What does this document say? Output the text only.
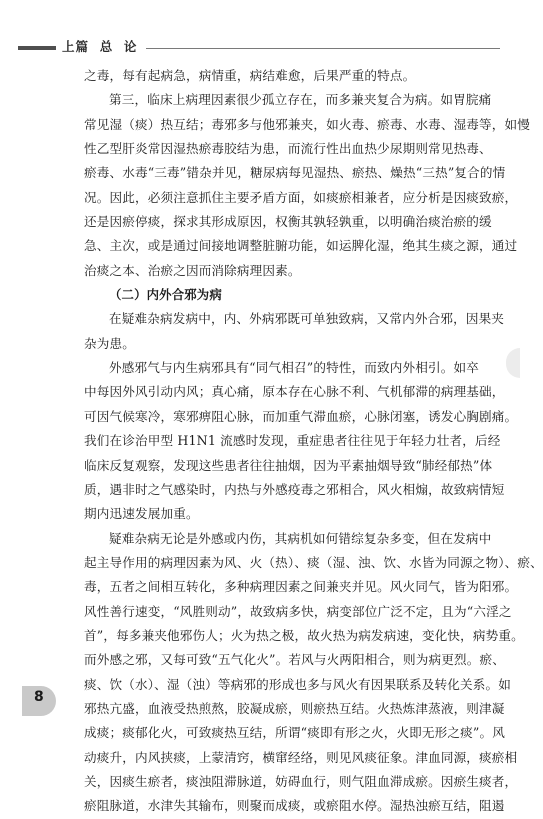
上篇  总  论
之毒，每有起病急，病情重，病结难愈，后果严重的特点。
第三，临床上病理因素很少孤立存在，而多兼夹复合为病。如胃脘痛
常见湿（痰）热互结；毒邪多与他邪兼夹，如火毒、瘀毒、水毒、湿毒等，如慢
性乙型肝炎常因湿热瘀毒胶结为患，而流行性出血热少尿期则常见热毒、
瘀毒、水毒“三毒”错杂并见，糖尿病每见湿热、瘀热、燥热“三热”复合的情
况。因此，必须注意抓住主要矛盾方面，如痰瘀相兼者，应分析是因痰致瘀，
还是因瘀停痰，探求其形成原因，权衡其孰轻孰重，以明确治痰治瘀的缓
急、主次，或是通过间接地调整脏腑功能，如运脾化湿，绝其生痰之源，通过
治痰之本、治瘀之因而消除病理因素。
（二）内外合邪为病
在疑难杂病发病中，内、外病邪既可单独致病，又常内外合邪，因果夹
杂为患。
外感邪气与内生病邪具有“同气相召”的特性，而致内外相引。如卒
中每因外风引动内风；真心痛，原本存在心脉不利、气机郁滞的病理基础，
可因气候寒冷，寒邪痹阻心脉，而加重气滞血瘀，心脉闭塞，诱发心胸剧痛。
我们在诊治甲型 H1N1 流感时发现，重症患者往往见于年轻力壮者，后经
临床反复观察，发现这些患者往往抽烟，因为平素抽烟导致“肺经郁热”体
质，遇非时之气感染时，内热与外感疫毒之邪相合，风火相煽，故致病情短
期内迅速发展加重。
疑难杂病无论是外感或内伤，其病机如何错综复杂多变，但在发病中
起主导作用的病理因素为风、火（热）、痰（湿、浊、饮、水皆为同源之物）、瘀、
毒，五者之间相互转化，多种病理因素之间兼夹并见。风火同气，皆为阳邪。
风性善行速变，“风胜则动”，故致病多快，病变部位广泛不定，且为“六淫之
首”，每多兼夹他邪伤人；火为热之极，故火热为病发病速，变化快，病势重。
而外感之邪，又每可致“五气化火”。若风与火两阳相合，则为病更烈。瘀、
痰、饮（水）、湿（浊）等病邪的形成也多与风火有因果联系及转化关系。如
邪热亢盛，血液受热煎熬，胶凝成瘀，则瘀热互结。火热炼津蒸液，则津凝
成痰；痰郁化火，可致痰热互结，所谓“痰即有形之火，火即无形之痰”。风
动痰升，内风挟痰，上蒙清窍，横窜经络，则见风痰征象。津血同源，痰瘀相
关，因痰生瘀者，痰浊阻滞脉道，妨碍血行，则气阻血滞成瘀。因瘀生痰者，
瘀阻脉道，水津失其输布，则聚而成痰，或瘀阻水停。湿热浊瘀互结，阻遏
8
